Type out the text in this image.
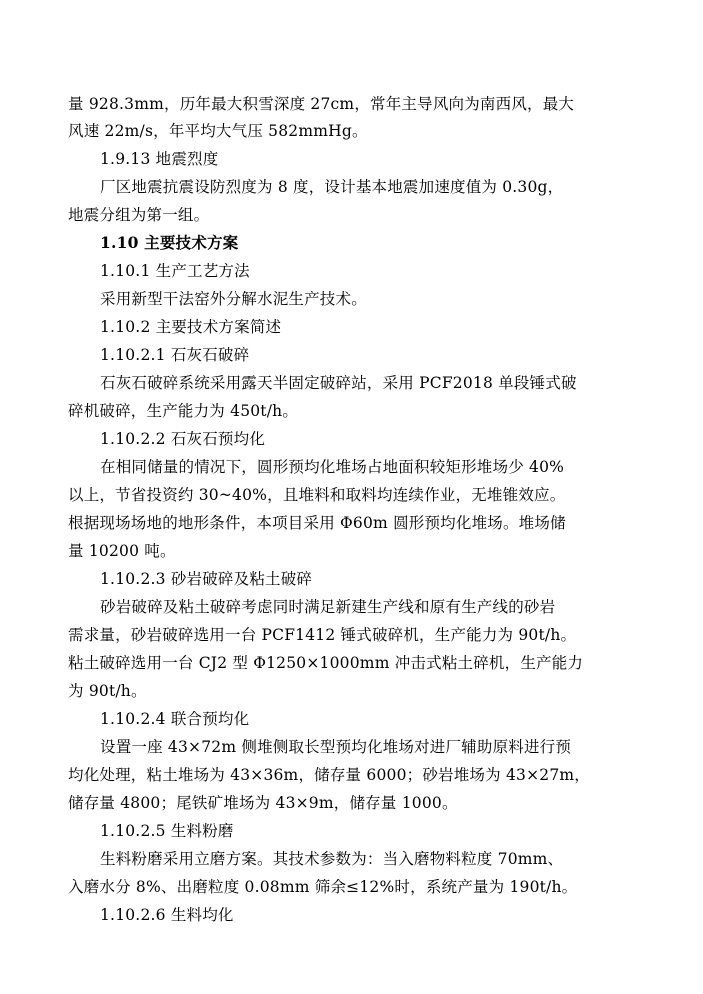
量 928.3mm，历年最大积雪深度 27cm，常年主导风向为南西风，最大
风速 22m/s，年平均大气压 582mmHg。
1.9.13 地震烈度
厂区地震抗震设防烈度为 8 度，设计基本地震加速度值为 0.30g，
地震分组为第一组。
1.10 主要技术方案
1.10.1 生产工艺方法
采用新型干法窑外分解水泥生产技术。
1.10.2 主要技术方案简述
1.10.2.1 石灰石破碎
石灰石破碎系统采用露天半固定破碎站，采用 PCF2018 单段锤式破
碎机破碎，生产能力为 450t/h。
1.10.2.2 石灰石预均化
在相同储量的情况下，圆形预均化堆场占地面积较矩形堆场少 40%
以上，节省投资约 30~40%，且堆料和取料均连续作业，无堆锥效应。
根据现场场地的地形条件，本项目采用 Φ60m 圆形预均化堆场。堆场储
量 10200 吨。
1.10.2.3 砂岩破碎及粘土破碎
砂岩破碎及粘土破碎考虑同时满足新建生产线和原有生产线的砂岩
需求量，砂岩破碎选用一台 PCF1412 锤式破碎机，生产能力为 90t/h。
粘土破碎选用一台 CJ2 型 Φ1250×1000mm 冲击式粘土碎机，生产能力
为 90t/h。
1.10.2.4 联合预均化
设置一座 43×72m 侧堆侧取长型预均化堆场对进厂辅助原料进行预
均化处理，粘土堆场为 43×36m，储存量 6000；砂岩堆场为 43×27m，
储存量 4800；尾铁矿堆场为 43×9m，储存量 1000。
1.10.2.5 生料粉磨
生料粉磨采用立磨方案。其技术参数为：当入磨物料粒度 70mm、
入磨水分 8%、出磨粒度 0.08mm 筛余≤12%时，系统产量为 190t/h。
1.10.2.6 生料均化
